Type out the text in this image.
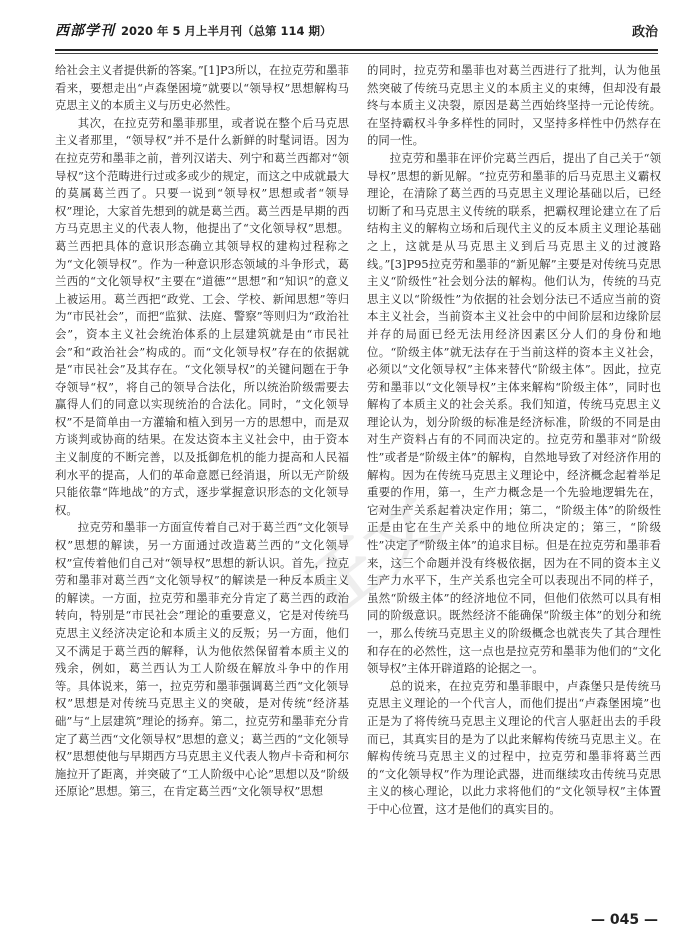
西部学刊 2020 年 5 月上半月刊（总第 114 期）	政治
正文

给社会主义者提供新的答案。”[1]P3所以，在拉克劳和墨菲看来，要想走出“卢森堡困境”就要以“领导权”思想解构马克思主义的本质主义与历史必然性。

其次，在拉克劳和墨菲那里，或者说在整个后马克思主义者那里，“领导权”并不是什么新鲜的时髦词语。因为在拉克劳和墨菲之前，普列汉诺夫、列宁和葛兰西都对“领导权”这个范畴进行过或多或少的规定，而这之中成就最大的莫属葛兰西了。只要一说到“领导权”思想或者“领导权”理论，大家首先想到的就是葛兰西。葛兰西是早期的西方马克思主义的代表人物，他提出了“文化领导权”思想。葛兰西把具体的意识形态确立其领导权的建构过程称之为“文化领导权”。作为一种意识形态领域的斗争形式，葛兰西的“文化领导权”主要在“道德”“思想”和“知识”的意义上被运用。葛兰西把“政党、工会、学校、新闻思想”等归为“市民社会”，而把“监狱、法庭、警察”等则归为“政治社会”，资本主义社会统治体系的上层建筑就是由“市民社会”和“政治社会”构成的。而“文化领导权”存在的依据就是“市民社会”及其存在。“文化领导权”的关键问题在于争夺领导“权”，将自己的领导合法化，所以统治阶级需要去赢得人们的同意以实现统治的合法化。同时，“文化领导权”不是简单由一方灌输和植入到另一方的思想中，而是双方谈判或协商的结果。在发达资本主义社会中，由于资本主义制度的不断完善，以及抵御危机的能力提高和人民福利水平的提高，人们的革命意愿已经消退，所以无产阶级只能依靠“阵地战”的方式，逐步掌握意识形态的文化领导权。

拉克劳和墨菲一方面宣传着自己对于葛兰西“文化领导权”思想的解读，另一方面通过改造葛兰西的“文化领导权”宣传着他们自己对“领导权”思想的新认识。首先，拉克劳和墨菲对葛兰西“文化领导权”的解读是一种反本质主义的解读。一方面，拉克劳和墨菲充分肯定了葛兰西的政治转向，特别是“市民社会”理论的重要意义，它是对传统马克思主义经济决定论和本质主义的反叛；另一方面，他们又不满足于葛兰西的解释，认为他依然保留着本质主义的残余，例如，葛兰西认为工人阶级在解放斗争中的作用等。具体说来，第一，拉克劳和墨菲强调葛兰西“文化领导权”思想是对传统马克思主义的突破，是对传统“经济基础”与“上层建筑”理论的扬弃。第二，拉克劳和墨菲充分肯定了葛兰西“文化领导权”思想的意义；葛兰西的“文化领导权”思想使他与早期西方马克思主义代表人物卢卡奇和柯尔施拉开了距离，并突破了“工人阶级中心论”思想以及“阶级还原论”思想。第三，在肯定葛兰西“文化领导权”思想

的同时，拉克劳和墨菲也对葛兰西进行了批判，认为他虽然突破了传统马克思主义的本质主义的束缚，但却没有最终与本质主义决裂，原因是葛兰西始终坚持一元论传统。在坚持霸权斗争多样性的同时，又坚持多样性中仍然存在的同一性。

拉克劳和墨菲在评价完葛兰西后，提出了自己关于“领导权”思想的新见解。“拉克劳和墨菲的后马克思主义霸权理论，在清除了葛兰西的马克思主义理论基础以后，已经切断了和马克思主义传统的联系，把霸权理论建立在了后结构主义的解构立场和后现代主义的反本质主义理论基础之上，这就是从马克思主义到后马克思主义的过渡路线。”[3]P95拉克劳和墨菲的“新见解”主要是对传统马克思主义“阶级性”社会划分法的解构。他们认为，传统的马克思主义以“阶级性”为依据的社会划分法已不适应当前的资本主义社会，当前资本主义社会中的中间阶层和边缘阶层并存的局面已经无法用经济因素区分人们的身份和地位。“阶级主体”就无法存在于当前这样的资本主义社会，必须以“文化领导权”主体来替代“阶级主体”。因此，拉克劳和墨菲以“文化领导权”主体来解构“阶级主体”，同时也解构了本质主义的社会关系。我们知道，传统马克思主义理论认为，划分阶级的标准是经济标准，阶级的不同是由对生产资料占有的不同而决定的。拉克劳和墨菲对“阶级性”或者是“阶级主体”的解构，自然地导致了对经济作用的解构。因为在传统马克思主义理论中，经济概念起着举足重要的作用，第一，生产力概念是一个先验地逻辑先在，它对生产关系起着决定作用；第二，“阶级主体”的阶级性正是由它在生产关系中的地位所决定的；第三，“阶级性”决定了“阶级主体”的追求目标。但是在拉克劳和墨菲看来，这三个命题并没有终极依据，因为在不同的资本主义生产力水平下，生产关系也完全可以表现出不同的样子，虽然“阶级主体”的经济地位不同，但他们依然可以具有相同的阶级意识。既然经济不能确保“阶级主体”的划分和统一，那么传统马克思主义的阶级概念也就丧失了其合理性和存在的必然性，这一点也是拉克劳和墨菲为他们的“文化领导权”主体开辟道路的论据之一。

总的说来，在拉克劳和墨菲眼中，卢森堡只是传统马克思主义理论的一个代言人，而他们提出“卢森堡困境”也正是为了将传统马克思主义理论的代言人驱赶出去的手段而已，其真实目的是为了以此来解构传统马克思主义。在解构传统马克思主义的过程中，拉克劳和墨菲将葛兰西的“文化领导权”作为理论武器，进而继续攻击传统马克思主义的核心理论，以此力求将他们的“文化领导权”主体置于中心位置，这才是他们的真实目的。

— 045 —
